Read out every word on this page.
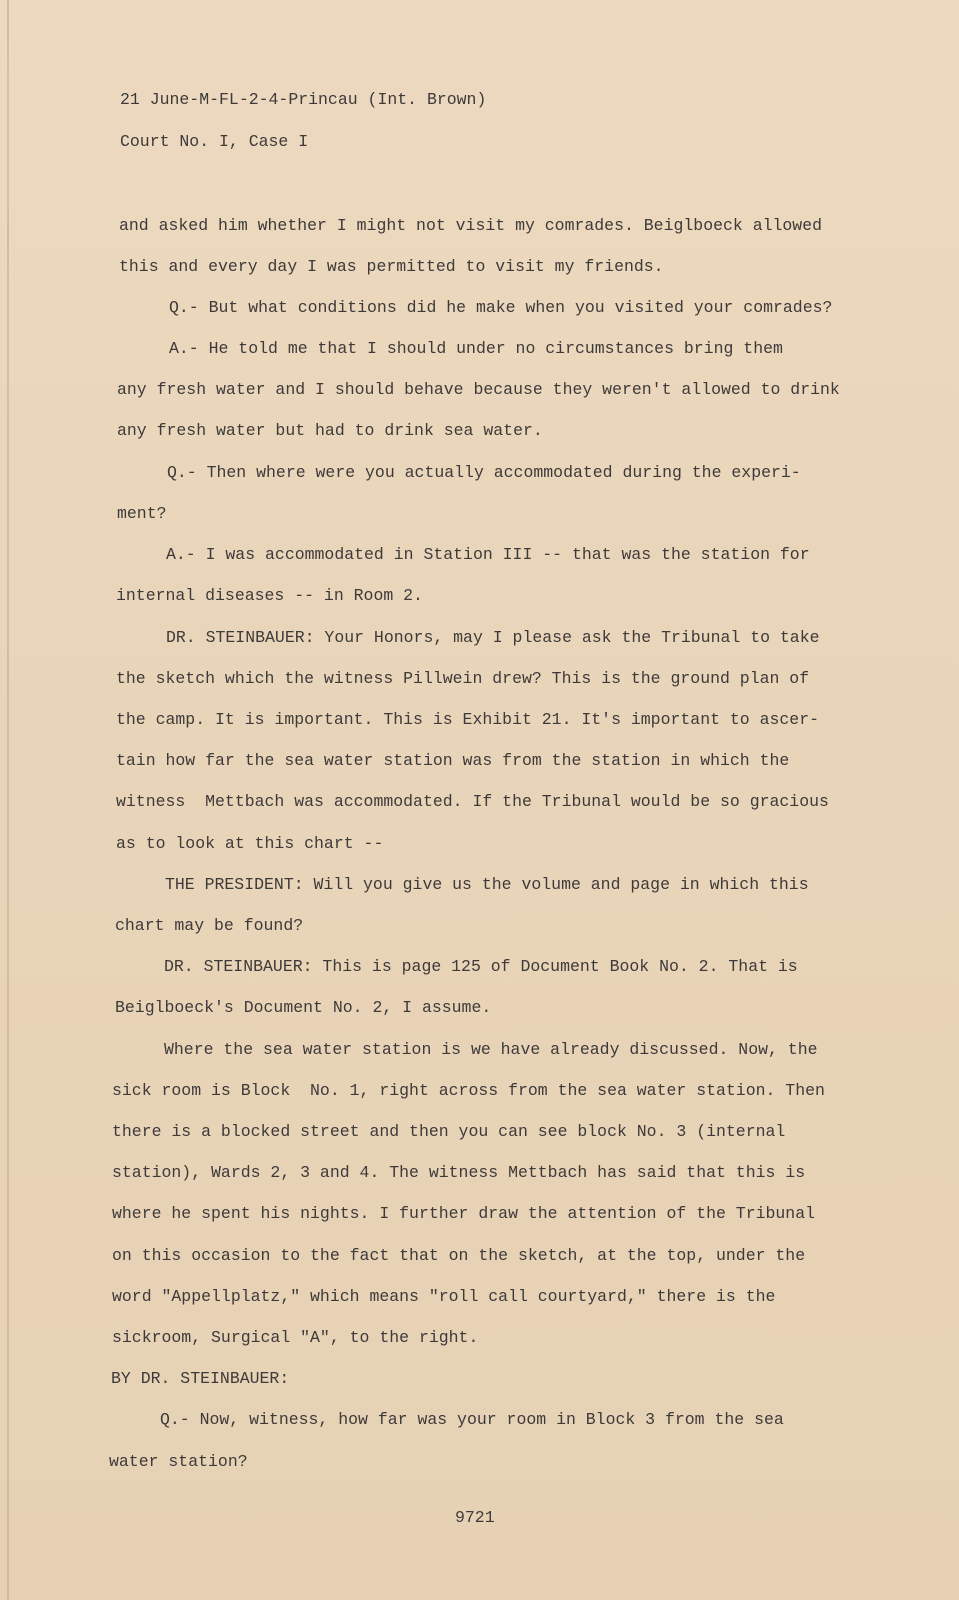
21 June-M-FL-2-4-Princau (Int. Brown)
Court No. I, Case I
and asked him whether I might not visit my comrades. Beiglboeck allowed
this and every day I was permitted to visit my friends.
Q.- But what conditions did he make when you visited your comrades?
A.- He told me that I should under no circumstances bring them
any fresh water and I should behave because they weren't allowed to drink
any fresh water but had to drink sea water.
Q.- Then where were you actually accommodated during the experi-
ment?
A.- I was accommodated in Station III -- that was the station for
internal diseases -- in Room 2.
DR. STEINBAUER: Your Honors, may I please ask the Tribunal to take
the sketch which the witness Pillwein drew? This is the ground plan of
the camp. It is important. This is Exhibit 21. It's important to ascer-
tain how far the sea water station was from the station in which the
witness  Mettbach was accommodated. If the Tribunal would be so gracious
as to look at this chart --
THE PRESIDENT: Will you give us the volume and page in which this
chart may be found?
DR. STEINBAUER: This is page 125 of Document Book No. 2. That is
Beiglboeck's Document No. 2, I assume.
Where the sea water station is we have already discussed. Now, the
sick room is Block  No. 1, right across from the sea water station. Then
there is a blocked street and then you can see block No. 3 (internal
station), Wards 2, 3 and 4. The witness Mettbach has said that this is
where he spent his nights. I further draw the attention of the Tribunal
on this occasion to the fact that on the sketch, at the top, under the
word "Appellplatz," which means "roll call courtyard," there is the
sickroom, Surgical "A", to the right.
BY DR. STEINBAUER:
Q.- Now, witness, how far was your room in Block 3 from the sea
water station?
9721
